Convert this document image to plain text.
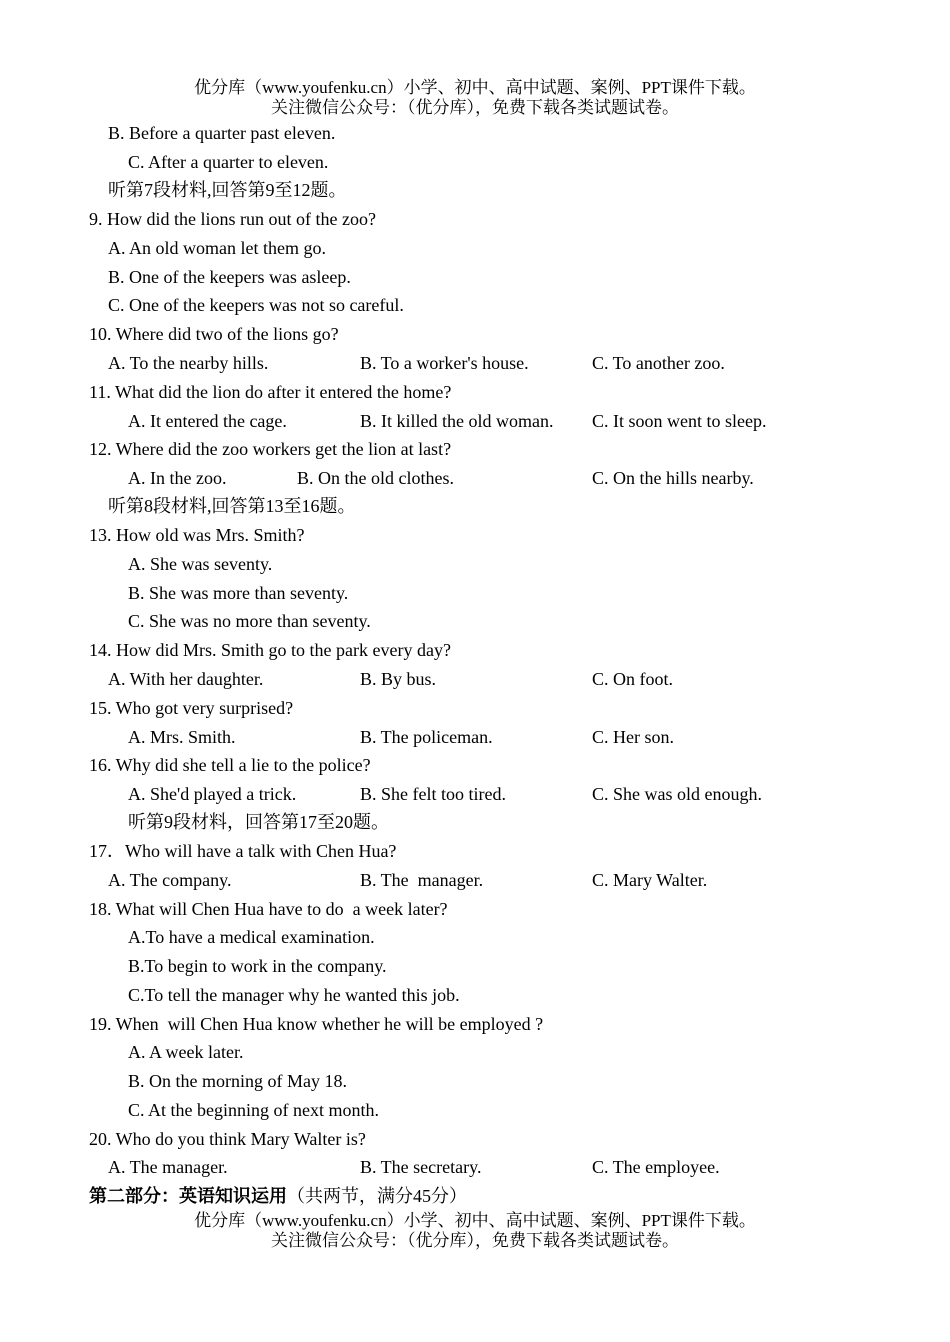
优分库（www.youfenku.cn）小学、初中、高中试题、案例、PPT课件下载。
关注微信公众号：（优分库），免费下载各类试题试卷。
B. Before a quarter past eleven.
C. After a quarter to eleven.
听第7段材料,回答第9至12题。
9. How did the lions run out of the zoo?
A. An old woman let them go.
B. One of the keepers was asleep.
C. One of the keepers was not so careful.
10. Where did two of the lions go?
A. To the nearby hills.	B. To a worker's house.	C. To another zoo.
11. What did the lion do after it entered the home?
A. It entered the cage.	B. It killed the old woman. C. It soon went to sleep.
12. Where did the zoo workers get the lion at last?
A. In the zoo.	B. On the old clothes.	C. On the hills nearby.
听第8段材料,回答第13至16题。
13. How old was Mrs. Smith?
A. She was seventy.
B. She was more than seventy.
C. She was no more than seventy.
14. How did Mrs. Smith go to the park every day?
A. With her daughter.	B. By bus.	C. On foot.
15. Who got very surprised?
A. Mrs. Smith.	B. The policeman.	C. Her son.
16. Why did she tell a lie to the police?
A. She'd played a trick.	B. She felt too tired.	C. She was old enough.
听第9段材料，回答第17至20题。
17．Who will have a talk with Chen Hua?
A. The company.	B. The  manager.	C. Mary Walter.
18. What will Chen Hua have to do  a week later?
A.To have a medical examination.
B.To begin to work in the company.
C.To tell the manager why he wanted this job.
19. When  will Chen Hua know whether he will be employed ?
A. A week later.
B. On the morning of May 18.
C. At the beginning of next month.
20. Who do you think Mary Walter is?
A. The manager.	B. The secretary.	C. The employee.
第二部分：英语知识运用（共两节，满分45分）
优分库（www.youfenku.cn）小学、初中、高中试题、案例、PPT课件下载。
关注微信公众号：（优分库），免费下载各类试题试卷。
